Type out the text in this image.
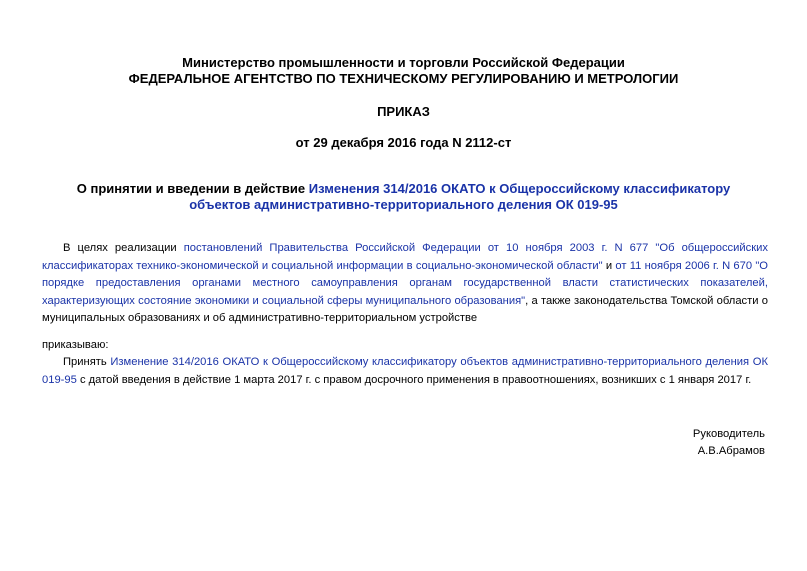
Министерство промышленности и торговли Российской Федерации
ФЕДЕРАЛЬНОЕ АГЕНТСТВО ПО ТЕХНИЧЕСКОМУ РЕГУЛИРОВАНИЮ И МЕТРОЛОГИИ
ПРИКАЗ
от 29 декабря 2016 года N 2112-ст
О принятии и введении в действие Изменения 314/2016 ОКАТО к Общероссийскому классификатору
объектов административно-территориального деления ОК 019-95
В целях реализации постановлений Правительства Российской Федерации от 10 ноября 2003 г. N 677 "Об общероссийских классификаторах технико-экономической и социальной информации в социально-экономической области" и от 11 ноября 2006 г. N 670 "О порядке предоставления органами местного самоуправления органам государственной власти статистических показателей, характеризующих состояние экономики и социальной сферы муниципального образования", а также законодательства Томской области о муниципальных образованиях и об административно-территориальном устройстве
приказываю:
Принять Изменение 314/2016 ОКАТО к Общероссийскому классификатору объектов административно-территориального деления ОК 019-95 с датой введения в действие 1 марта 2017 г. с правом досрочного применения в правоотношениях, возникших с 1 января 2017 г.
Руководитель
А.В.Абрамов
